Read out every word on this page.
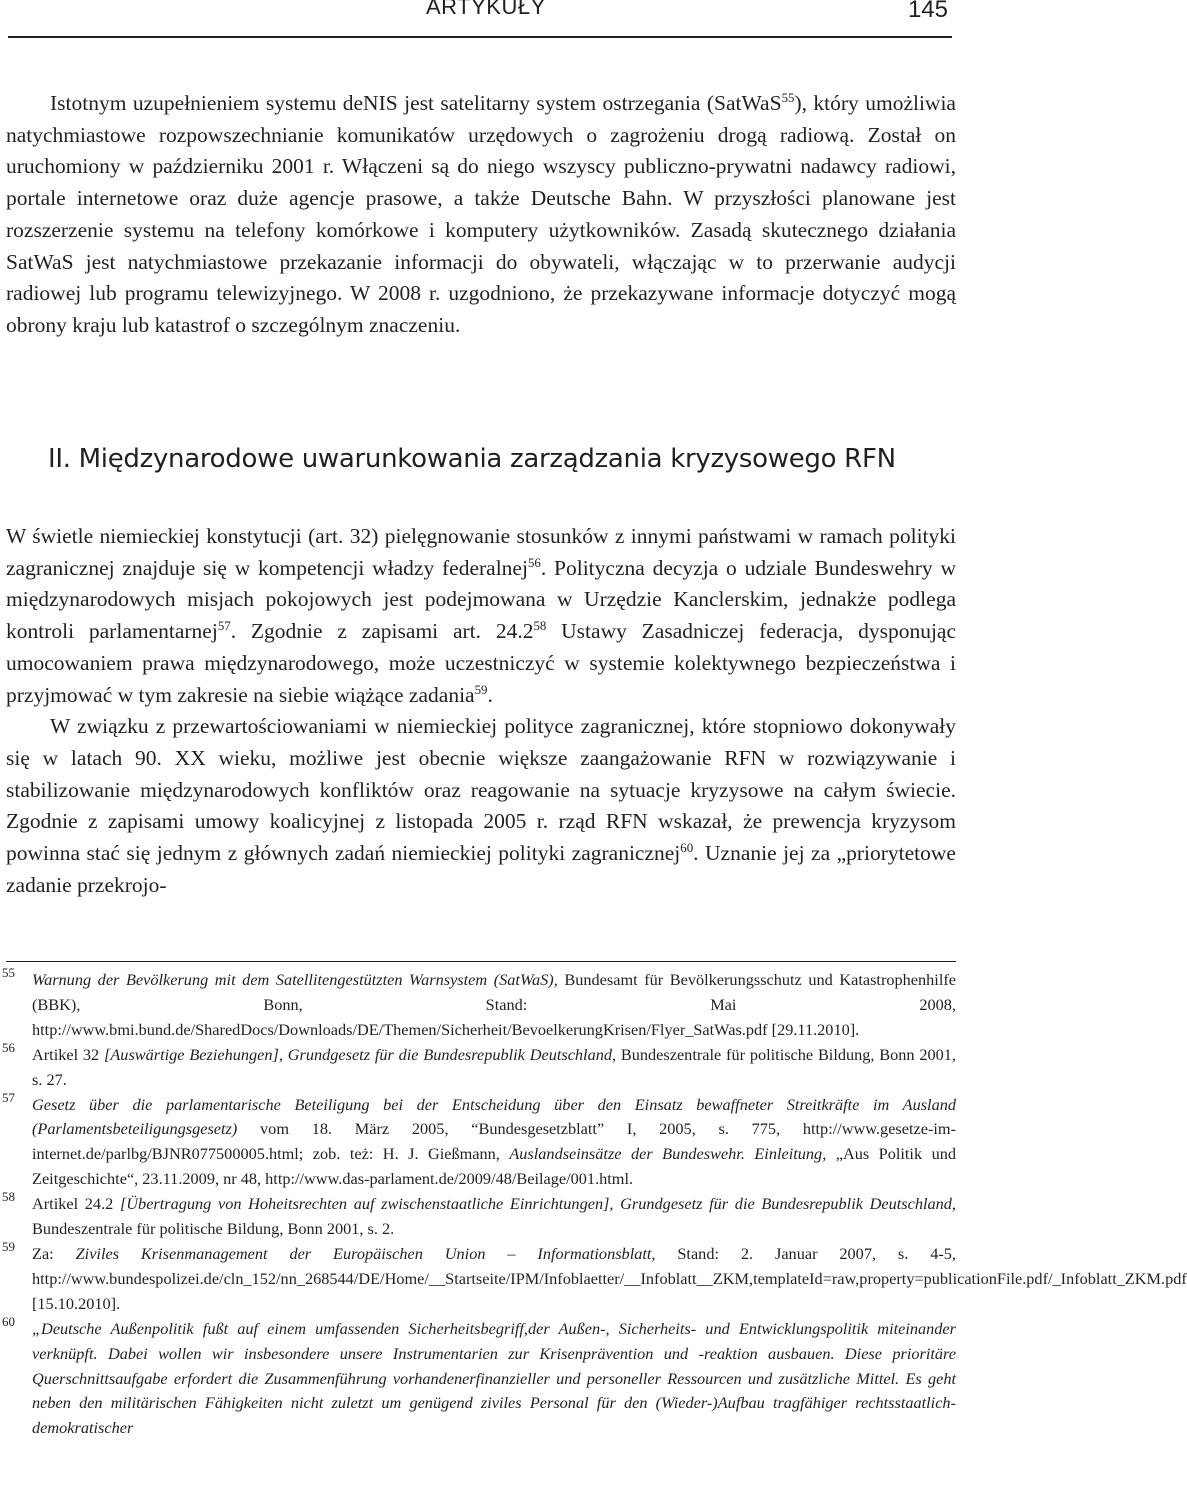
ARTYKUŁY	145

Istotnym uzupełnieniem systemu deNIS jest satelitarny system ostrzegania (SatWaS$^{55}$), który umożliwia natychmiastowe rozpowszechnianie komunikatów urzędowych o zagrożeniu drogą radiową. Został on uruchomiony w październiku 2001 r. Włączeni są do niego wszyscy publiczno-prywatni nadawcy radiowi, portale internetowe oraz duże agencje prasowe, a także Deutsche Bahn. W przyszłości planowane jest rozszerzenie systemu na telefony komórkowe i komputery użytkowników. Zasadą skutecznego działania SatWaS jest natychmiastowe przekazanie informacji do obywateli, włączając w to przerwanie audycji radiowej lub programu telewizyjnego. W 2008 r. uzgodniono, że przekazywane informacje dotyczyć mogą obrony kraju lub katastrof o szczególnym znaczeniu.

II. Międzynarodowe uwarunkowania zarządzania kryzysowego RFN

W świetle niemieckiej konstytucji (art. 32) pielęgnowanie stosunków z innymi państwami w ramach polityki zagranicznej znajduje się w kompetencji władzy federalnej$^{56}$. Polityczna decyzja o udziale Bundeswehry w międzynarodowych misjach pokojowych jest podejmowana w Urzędzie Kanclerskim, jednakże podlega kontroli parlamentarnej$^{57}$. Zgodnie z zapisami art. 24.2$^{58}$ Ustawy Zasadniczej federacja, dysponując umocowaniem prawa międzynarodowego, może uczestniczyć w systemie kolektywnego bezpieczeństwa i przyjmować w tym zakresie na siebie wiążące zadania$^{59}$.

W związku z przewartościowaniami w niemieckiej polityce zagranicznej, które stopniowo dokonywały się w latach 90. XX wieku, możliwe jest obecnie większe zaangażowanie RFN w rozwiązywanie i stabilizowanie międzynarodowych konfliktów oraz reagowanie na sytuacje kryzysowe na całym świecie. Zgodnie z zapisami umowy koalicyjnej z listopada 2005 r. rząd RFN wskazał, że prewencja kryzysom powinna stać się jednym z głównych zadań niemieckiej polityki zagranicznej$^{60}$. Uznanie jej za „priorytetowe zadanie przekrojo-

55 Warnung der Bevölkerung mit dem Satellitengestützten Warnsystem (SatWaS), Bundesamt für Bevölkerungsschutz und Katastrophenhilfe (BBK), Bonn, Stand: Mai 2008, http://www.bmi.bund.de/SharedDocs/Downloads/DE/Themen/Sicherheit/BevoelkerungKrisen/Flyer_SatWas.pdf [29.11.2010].
56 Artikel 32 [Auswärtige Beziehungen], Grundgesetz für die Bundesrepublik Deutschland, Bundeszentrale für politische Bildung, Bonn 2001, s. 27.
57 Gesetz über die parlamentarische Beteiligung bei der Entscheidung über den Einsatz bewaffneter Streitkräfte im Ausland (Parlamentsbeteiligungsgesetz) vom 18. März 2005, “Bundesgesetzblatt” I, 2005, s. 775, http://www.gesetze-im-internet.de/parlbg/BJNR077500005.html; zob. też: H. J. Gießmann, Auslandseinsätze der Bundeswehr. Einleitung, „Aus Politik und Zeitgeschichte“, 23.11.2009, nr 48, http://www.das-parlament.de/2009/48/Beilage/001.html.
58 Artikel 24.2 [Übertragung von Hoheitsrechten auf zwischenstaatliche Einrichtungen], Grundgesetz für die Bundesrepublik Deutschland, Bundeszentrale für politische Bildung, Bonn 2001, s. 2.
59 Za: Ziviles Krisenmanagement der Europäischen Union – Informationsblatt, Stand: 2. Januar 2007, s. 4-5, http://www.bundespolizei.de/cln_152/nn_268544/DE/Home/__Startseite/IPM/Infoblaetter/__Infoblatt__ZKM,templateId=raw,property=publicationFile.pdf/_Infoblatt_ZKM.pdf [15.10.2010].
60 „Deutsche Außenpolitik fußt auf einem umfassenden Sicherheitsbegriff,der Außen-, Sicherheits- und Entwicklungspolitik miteinander verknüpft. Dabei wollen wir insbesondere unsere Instrumentarien zur Krisenprävention und -reaktion ausbauen. Diese prioritäre Querschnittsaufgabe erfordert die Zusammenführung vorhandenerfinanzieller und personeller Ressourcen und zusätzliche Mittel. Es geht neben den militärischen Fähigkeiten nicht zuletzt um genügend ziviles Personal für den (Wieder-)Aufbau tragfähiger rechtsstaatlich-demokratischer
